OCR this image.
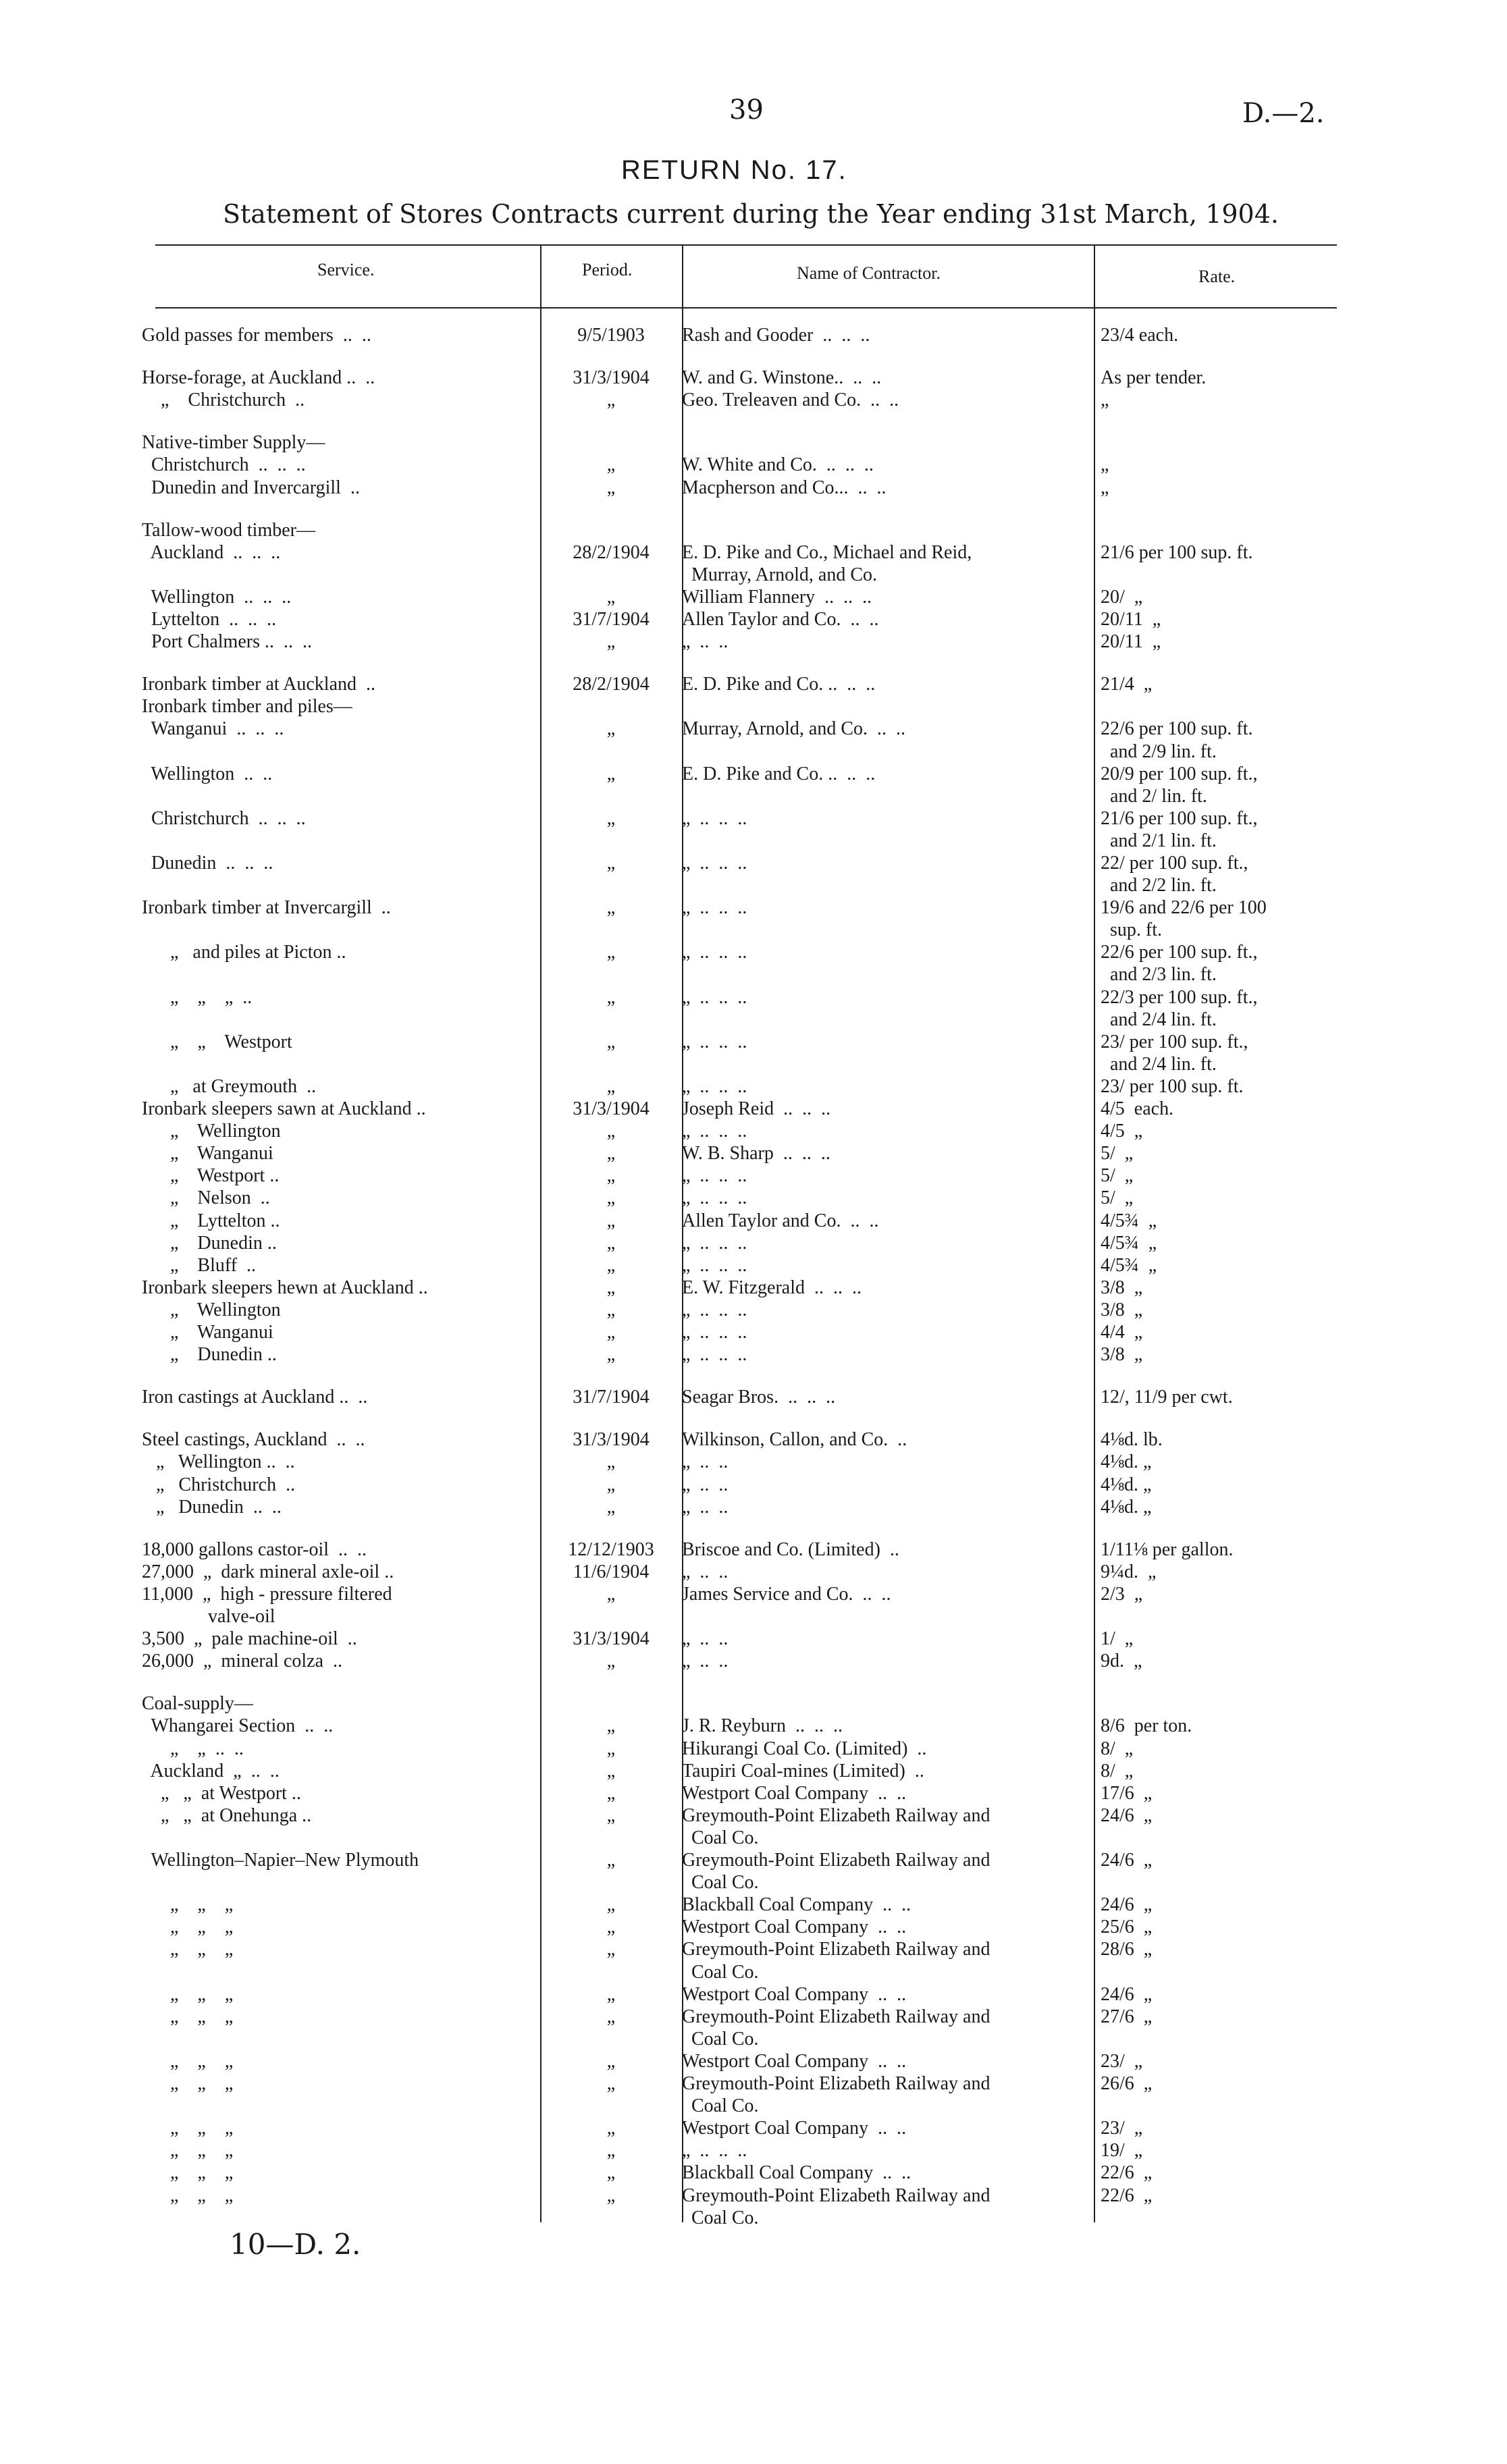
39	D.—2.
RETURN No. 17.
Statement of Stores Contracts current during the Year ending 31st March, 1904.
Service.	Period.	Name of Contractor.	Rate.
Gold passes for members  ..  ..	9/5/1903	Rash and Gooder  ..  ..  ..	23/4 each.
Horse-forage, at Auckland ..  ..	31/3/1904	W. and G. Winstone..  ..  ..	As per tender.
„    Christchurch  ..	„	Geo. Treleaven and Co.  ..  ..	„
Native-timber Supply—
Christchurch  ..  ..  ..	„	W. White and Co.  ..  ..  ..	„
Dunedin and Invercargill  ..	„	Macpherson and Co...  ..  ..	„
Tallow-wood timber—
Auckland  ..  ..  ..	28/2/1904	E. D. Pike and Co., Michael and Reid,	21/6 per 100 sup. ft.
Murray, Arnold, and Co.
Wellington  ..  ..  ..	„	William Flannery  ..  ..  ..	20/  „
Lyttelton  ..  ..  ..	31/7/1904	Allen Taylor and Co.  ..  ..	20/11  „
Port Chalmers ..  ..  ..	„	„  ..  ..	20/11  „
Ironbark timber at Auckland  ..	28/2/1904	E. D. Pike and Co. ..  ..  ..	21/4  „
Ironbark timber and piles—
Wanganui  ..  ..  ..	„	Murray, Arnold, and Co.  ..  ..	22/6 per 100 sup. ft.
and 2/9 lin. ft.
Wellington  ..  ..	„	E. D. Pike and Co. ..  ..  ..	20/9 per 100 sup. ft.,
and 2/ lin. ft.
Christchurch  ..  ..  ..	„	„  ..  ..  ..	21/6 per 100 sup. ft.,
and 2/1 lin. ft.
Dunedin  ..  ..  ..	„	„  ..  ..  ..	22/ per 100 sup. ft.,
and 2/2 lin. ft.
Ironbark timber at Invercargill  ..	„	„  ..  ..  ..	19/6 and 22/6 per 100
sup. ft.
„   and piles at Picton ..	„	„  ..  ..  ..	22/6 per 100 sup. ft.,
and 2/3 lin. ft.
„    „    „  ..	„	„  ..  ..  ..	22/3 per 100 sup. ft.,
and 2/4 lin. ft.
„    „    Westport	„	„  ..  ..  ..	23/ per 100 sup. ft.,
and 2/4 lin. ft.
„   at Greymouth  ..	„	„  ..  ..  ..	23/ per 100 sup. ft.
Ironbark sleepers sawn at Auckland ..	31/3/1904	Joseph Reid  ..  ..  ..	4/5  each.
„    Wellington	„	„  ..  ..  ..	4/5  „
„    Wanganui	„	W. B. Sharp  ..  ..  ..	5/  „
„    Westport ..	„	„  ..  ..  ..	5/  „
„    Nelson  ..	„	„  ..  ..  ..	5/  „
„    Lyttelton ..	„	Allen Taylor and Co.  ..  ..	4/5¾  „
„    Dunedin ..	„	„  ..  ..  ..	4/5¾  „
„    Bluff  ..	„	„  ..  ..  ..	4/5¾  „
Ironbark sleepers hewn at Auckland ..	„	E. W. Fitzgerald  ..  ..  ..	3/8  „
„    Wellington	„	„  ..  ..  ..	3/8  „
„    Wanganui	„	„  ..  ..  ..	4/4  „
„    Dunedin ..	„	„  ..  ..  ..	3/8  „
Iron castings at Auckland ..  ..	31/7/1904	Seagar Bros.  ..  ..  ..	12/, 11/9 per cwt.
Steel castings, Auckland  ..  ..	31/3/1904	Wilkinson, Callon, and Co.  ..	4⅛d. lb.
„   Wellington ..  ..	„	„  ..  ..	4⅛d. „
„   Christchurch  ..	„	„  ..  ..	4⅛d. „
„   Dunedin  ..  ..	„	„  ..  ..	4⅛d. „
18,000 gallons castor-oil  ..  ..	12/12/1903	Briscoe and Co. (Limited)  ..	1/11⅛ per gallon.
27,000  „  dark mineral axle-oil ..	11/6/1904	„  ..  ..	9¼d.  „
11,000  „  high - pressure filtered	„	James Service and Co.  ..  ..	2/3  „
valve-oil
3,500  „  pale machine-oil  ..	31/3/1904	„  ..  ..	1/  „
26,000  „  mineral colza  ..	„	„  ..  ..	9d.  „
Coal-supply—
Whangarei Section  ..  ..	„	J. R. Reyburn  ..  ..  ..	8/6  per ton.
„    „  ..  ..	„	Hikurangi Coal Co. (Limited)  ..	8/  „
Auckland  „  ..  ..	„	Taupiri Coal-mines (Limited)  ..	8/  „
„   „  at Westport ..	„	Westport Coal Company  ..  ..	17/6  „
„   „  at Onehunga ..	„	Greymouth-Point Elizabeth Railway and	24/6  „
Coal Co.
Wellington–Napier–New Plymouth	„	Greymouth-Point Elizabeth Railway and	24/6  „
Coal Co.
„    „    „	„	Blackball Coal Company  ..  ..	24/6  „
„    „    „	„	Westport Coal Company  ..  ..	25/6  „
„    „    „	„	Greymouth-Point Elizabeth Railway and	28/6  „
Coal Co.
„    „    „	„	Westport Coal Company  ..  ..	24/6  „
„    „    „	„	Greymouth-Point Elizabeth Railway and	27/6  „
Coal Co.
„    „    „	„	Westport Coal Company  ..  ..	23/  „
„    „    „	„	Greymouth-Point Elizabeth Railway and	26/6  „
Coal Co.
„    „    „	„	Westport Coal Company  ..  ..	23/  „
„    „    „	„	„  ..  ..  ..	19/  „
„    „    „	„	Blackball Coal Company  ..  ..	22/6  „
„    „    „	„	Greymouth-Point Elizabeth Railway and	22/6  „
Coal Co.
10—D. 2.
